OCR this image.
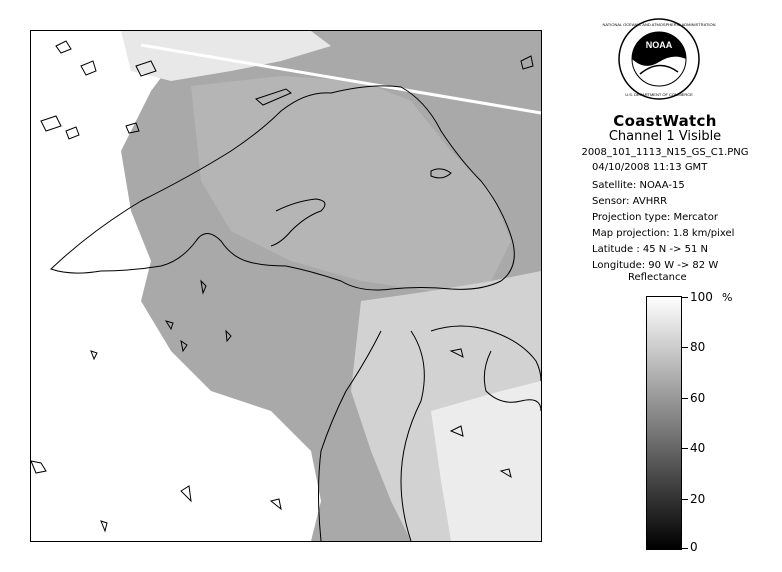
NOAA
NATIONAL OCEANIC AND ATMOSPHERIC ADMINISTRATION
U.S. DEPARTMENT OF COMMERCE
CoastWatch
Channel 1 Visible
2008_101_1113_N15_GS_C1.PNG
04/10/2008 11:13 GMT
Satellite: NOAA-15
Sensor: AVHRR
Projection type: Mercator
Map projection: 1.8 km/pixel
Latitude : 45 N -> 51 N
Longitude: 90 W -> 82 W
Reflectance
%
100
80
60
40
20
0
